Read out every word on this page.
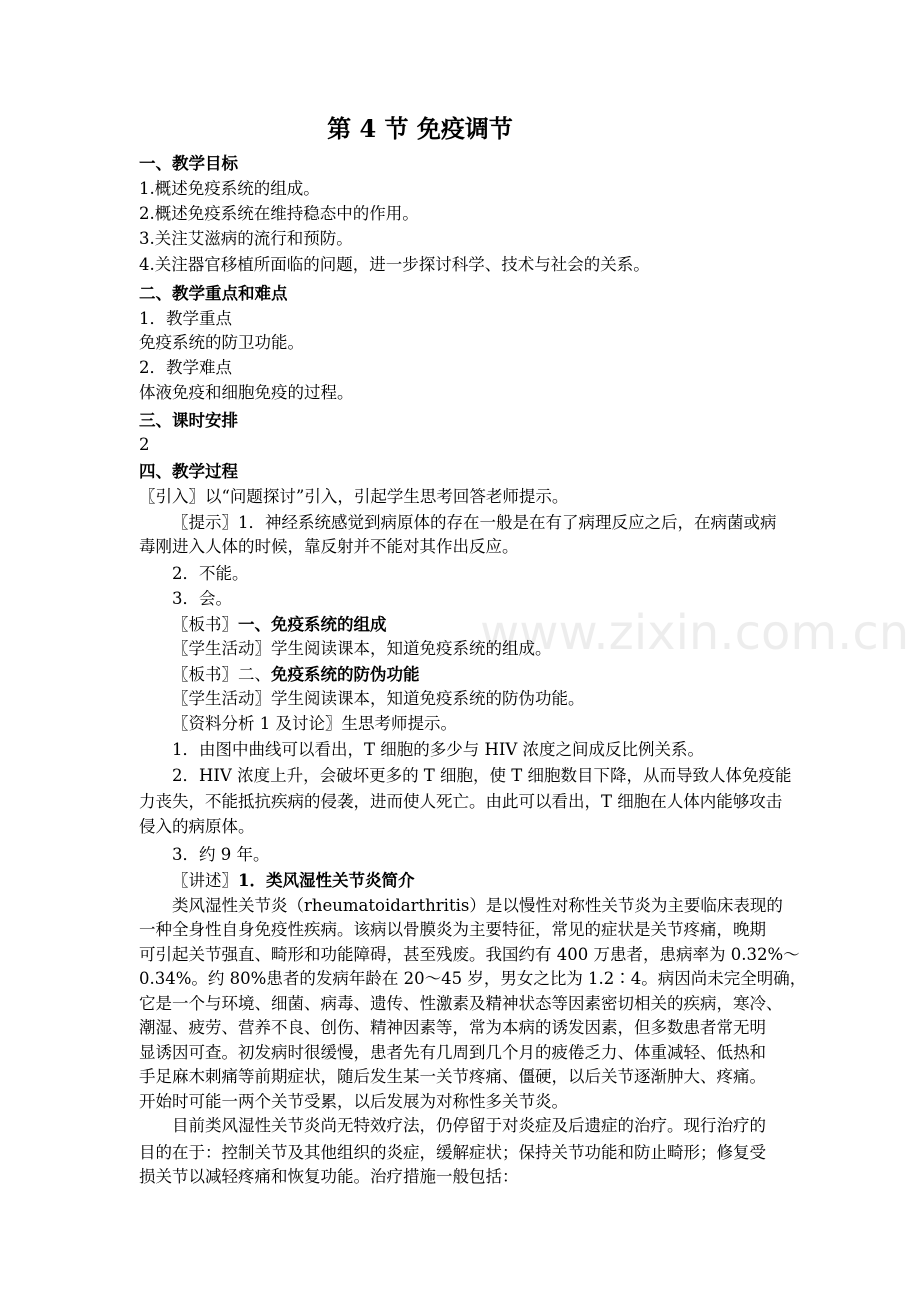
www.zixin.com.cn
第 4 节 免疫调节
一、教学目标
1.概述免疫系统的组成。
2.概述免疫系统在维持稳态中的作用。
3.关注艾滋病的流行和预防。
4.关注器官移植所面临的问题，进一步探讨科学、技术与社会的关系。
二、教学重点和难点
1．教学重点
免疫系统的防卫功能。
2．教学难点
体液免疫和细胞免疫的过程。
三、课时安排
2
四、教学过程
〖引入〗以“问题探讨”引入，引起学生思考回答老师提示。
〖提示〗1．神经系统感觉到病原体的存在一般是在有了病理反应之后，在病菌或病
毒刚进入人体的时候，靠反射并不能对其作出反应。
2．不能。
3．会。
〖板书〗一、免疫系统的组成
〖学生活动〗学生阅读课本，知道免疫系统的组成。
〖板书〗二、免疫系统的防伪功能
〖学生活动〗学生阅读课本，知道免疫系统的防伪功能。
〖资料分析 1 及讨论〗生思考师提示。
1．由图中曲线可以看出，T 细胞的多少与 HIV 浓度之间成反比例关系。
2．HIV 浓度上升，会破坏更多的 T 细胞，使 T 细胞数目下降，从而导致人体免疫能
力丧失，不能抵抗疾病的侵袭，进而使人死亡。由此可以看出，T 细胞在人体内能够攻击
侵入的病原体。
3．约 9 年。
〖讲述〗1．类风湿性关节炎简介
类风湿性关节炎（rheumatoidarthritis）是以慢性对称性关节炎为主要临床表现的
一种全身性自身免疫性疾病。该病以骨膜炎为主要特征，常见的症状是关节疼痛，晚期
可引起关节强直、畸形和功能障碍，甚至残废。我国约有 400 万患者，患病率为 0.32%～
0.34%。约 80%患者的发病年龄在 20～45 岁，男女之比为 1.2∶4。病因尚未完全明确，
它是一个与环境、细菌、病毒、遗传、性激素及精神状态等因素密切相关的疾病，寒冷、
潮湿、疲劳、营养不良、创伤、精神因素等，常为本病的诱发因素，但多数患者常无明
显诱因可查。初发病时很缓慢，患者先有几周到几个月的疲倦乏力、体重减轻、低热和
手足麻木刺痛等前期症状，随后发生某一关节疼痛、僵硬，以后关节逐渐肿大、疼痛。
开始时可能一两个关节受累，以后发展为对称性多关节炎。
目前类风湿性关节炎尚无特效疗法，仍停留于对炎症及后遗症的治疗。现行治疗的
目的在于：控制关节及其他组织的炎症，缓解症状；保持关节功能和防止畸形；修复受
损关节以减轻疼痛和恢复功能。治疗措施一般包括：
